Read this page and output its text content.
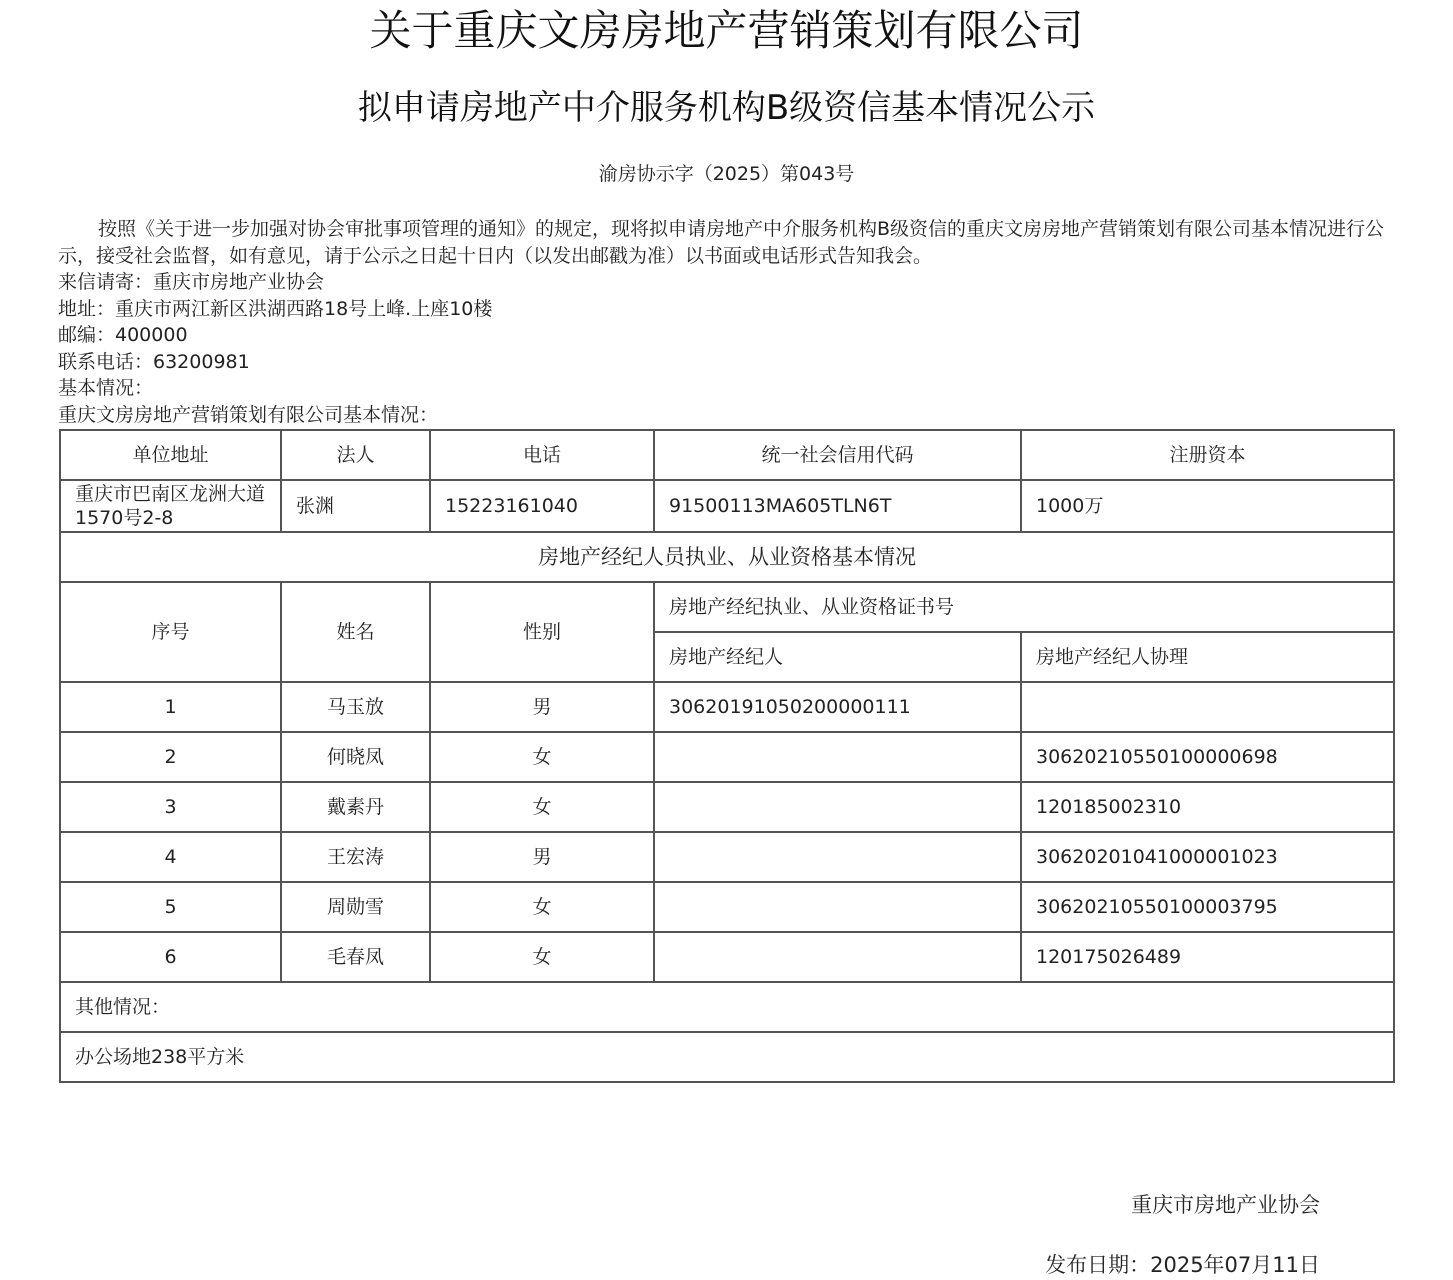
关于重庆文房房地产营销策划有限公司
拟申请房地产中介服务机构B级资信基本情况公示
渝房协示字（2025）第043号

按照《关于进一步加强对协会审批事项管理的通知》的规定，现将拟申请房地产中介服务机构B级资信的重庆文房房地产营销策划有限公司基本情况进行公示，接受社会监督，如有意见，请于公示之日起十日内（以发出邮戳为准）以书面或电话形式告知我会。

来信请寄：重庆市房地产业协会

地址：重庆市两江新区洪湖西路18号上峰.上座10楼

邮编：400000

联系电话：63200981

基本情况：

重庆文房房地产营销策划有限公司基本情况：

单位地址	法人	电话	统一社会信用代码	注册资本
重庆市巴南区龙洲大道1570号2-8	张渊	15223161040	91500113MA605TLN6T	1000万
房地产经纪人员执业、从业资格基本情况				
序号	姓名	性别	房地产经纪执业、从业资格证书号	
			房地产经纪人	房地产经纪人协理
1	马玉放	男	30620191050200000111	
2	何晓凤	女		30620210550100000698
3	戴素丹	女		120185002310
4	王宏涛	男		30620201041000001023
5	周勋雪	女		30620210550100003795
6	毛春凤	女		120175026489
其他情况：				
办公场地238平方米				
重庆市房地产业协会
发布日期：2025年07月11日
